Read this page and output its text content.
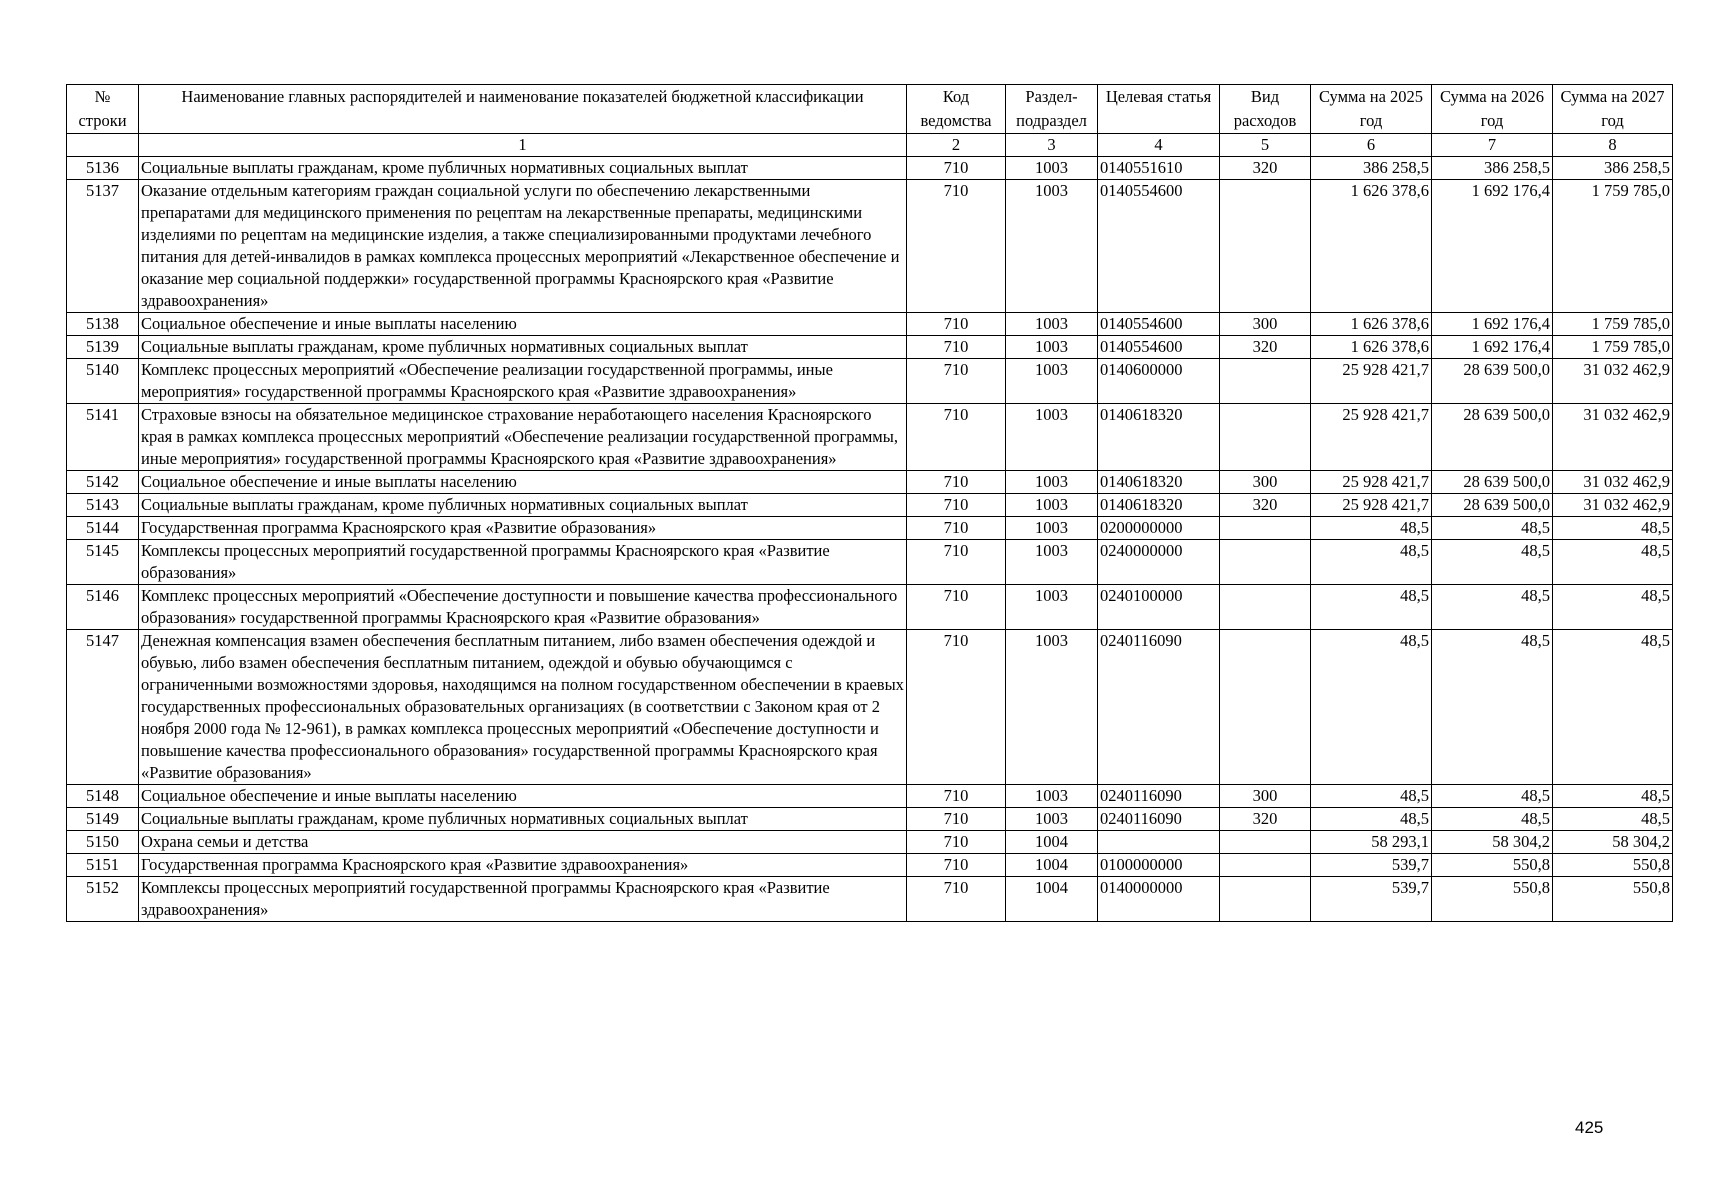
№ строки	Наименование главных распорядителей и наименование показателей бюджетной классификации	Код ведомства	Раздел-подраздел	Целевая статья	Вид расходов	Сумма на 2025 год	Сумма на 2026 год	Сумма на 2027 год
	1	2	3	4	5	6	7	8
5136	Социальные выплаты гражданам, кроме публичных нормативных социальных выплат	710	1003	0140551610	320	386 258,5	386 258,5	386 258,5
5137	Оказание отдельным категориям граждан социальной услуги по обеспечению лекарственными препаратами для медицинского применения по рецептам на лекарственные препараты, медицинскими изделиями по рецептам на медицинские изделия, а также специализированными продуктами лечебного питания для детей-инвалидов в рамках комплекса процессных мероприятий «Лекарственное обеспечение и оказание мер социальной поддержки» государственной программы Красноярского края «Развитие здравоохранения»	710	1003	0140554600		1 626 378,6	1 692 176,4	1 759 785,0
5138	Социальное обеспечение и иные выплаты населению	710	1003	0140554600	300	1 626 378,6	1 692 176,4	1 759 785,0
5139	Социальные выплаты гражданам, кроме публичных нормативных социальных выплат	710	1003	0140554600	320	1 626 378,6	1 692 176,4	1 759 785,0
5140	Комплекс процессных мероприятий «Обеспечение реализации государственной программы, иные мероприятия» государственной программы Красноярского края «Развитие здравоохранения»	710	1003	0140600000		25 928 421,7	28 639 500,0	31 032 462,9
5141	Страховые взносы на обязательное медицинское страхование неработающего населения Красноярского края в рамках комплекса процессных мероприятий «Обеспечение реализации государственной программы, иные мероприятия» государственной программы Красноярского края «Развитие здравоохранения»	710	1003	0140618320		25 928 421,7	28 639 500,0	31 032 462,9
5142	Социальное обеспечение и иные выплаты населению	710	1003	0140618320	300	25 928 421,7	28 639 500,0	31 032 462,9
5143	Социальные выплаты гражданам, кроме публичных нормативных социальных выплат	710	1003	0140618320	320	25 928 421,7	28 639 500,0	31 032 462,9
5144	Государственная программа Красноярского края «Развитие образования»	710	1003	0200000000		48,5	48,5	48,5
5145	Комплексы процессных мероприятий государственной программы Красноярского края «Развитие образования»	710	1003	0240000000		48,5	48,5	48,5
5146	Комплекс процессных мероприятий «Обеспечение доступности и повышение качества профессионального образования» государственной программы Красноярского края «Развитие образования»	710	1003	0240100000		48,5	48,5	48,5
5147	Денежная компенсация взамен обеспечения бесплатным питанием, либо взамен обеспечения одеждой и обувью, либо взамен обеспечения бесплатным питанием, одеждой и обувью обучающимся с ограниченными возможностями здоровья, находящимся на полном государственном обеспечении в краевых государственных профессиональных образовательных организациях (в соответствии с Законом края от 2 ноября 2000 года № 12-961), в рамках комплекса процессных мероприятий «Обеспечение доступности и повышение качества профессионального образования» государственной программы Красноярского края «Развитие образования»	710	1003	0240116090		48,5	48,5	48,5
5148	Социальное обеспечение и иные выплаты населению	710	1003	0240116090	300	48,5	48,5	48,5
5149	Социальные выплаты гражданам, кроме публичных нормативных социальных выплат	710	1003	0240116090	320	48,5	48,5	48,5
5150	Охрана семьи и детства	710	1004			58 293,1	58 304,2	58 304,2
5151	Государственная программа Красноярского края «Развитие здравоохранения»	710	1004	0100000000		539,7	550,8	550,8
5152	Комплексы процессных мероприятий государственной программы Красноярского края «Развитие здравоохранения»	710	1004	0140000000		539,7	550,8	550,8
425
